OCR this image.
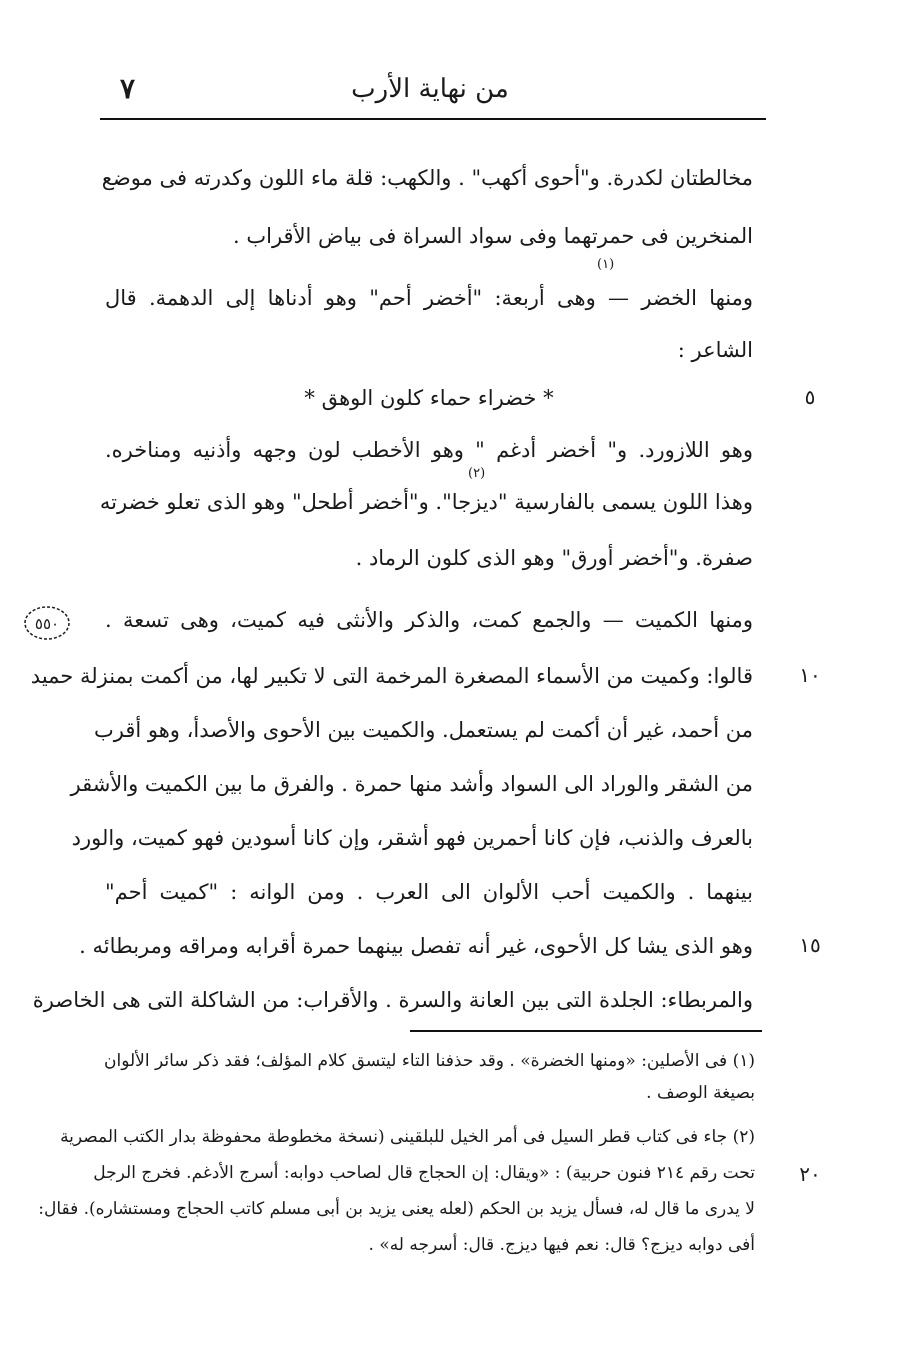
من نهاية الأرب
٧
مخالطتان لكدرة. و"أحوى أكهب" . والكهب: قلة ماء اللون وكدرته فى موضع
المنخرين فى حمرتهما وفى سواد السراة فى بياض الأقراب .
(١)
ومنها الخضر — وهى أربعة: "أخضر أحم" وهو أدناها إلى الدهمة. قال
الشاعر :
* خضراء حماء كلون الوهق *
وهو اللازورد. و" أخضر أدغم " وهو الأخطب لون وجهه وأذنيه ومناخره.
(٢)
وهذا اللون يسمى بالفارسية "ديزجا". و"أخضر أطحل" وهو الذى تعلو خضرته
صفرة. و"أخضر أورق" وهو الذى كلون الرماد .
ومنها الكميت — والجمع كمت، والذكر والأنثى فيه كميت، وهى تسعة .
قالوا: وكميت من الأسماء المصغرة المرخمة التى لا تكبير لها، من أكمت بمنزلة حميد
من أحمد، غير أن أكمت لم يستعمل. والكميت بين الأحوى والأصدأ، وهو أقرب
من الشقر والوراد الى السواد وأشد منها حمرة . والفرق ما بين الكميت والأشقر
بالعرف والذنب، فإن كانا أحمرين فهو أشقر، وإن كانا أسودين فهو كميت، والورد
بينهما . والكميت أحب الألوان الى العرب . ومن الوانه : "كميت أحم"
وهو الذى يشا كل الأحوى، غير أنه تفصل بينهما حمرة أقرابه ومراقه ومربطائه .
والمربطاء: الجلدة التى بين العانة والسرة . والأقراب: من الشاكلة التى هى الخاصرة
٥
١٠
١٥
٢٠
٥٥٠
(١) فى الأصلين: «ومنها الخضرة» . وقد حذفنا التاء ليتسق كلام المؤلف؛ فقد ذكر سائر الألوان
بصيغة الوصف .
(٢) جاء فى كتاب قطر السيل فى أمر الخيل للبلقينى (نسخة مخطوطة محفوظة بدار الكتب المصرية
تحت رقم ٢١٤ فنون حربية) : «ويقال: إن الحجاج قال لصاحب دوابه: أسرج الأدغم. فخرج الرجل
لا يدرى ما قال له، فسأل يزيد بن الحكم (لعله يعنى يزيد بن أبى مسلم كاتب الحجاج ومستشاره). فقال:
أفى دوابه ديزج؟ قال: نعم فيها ديزج. قال: أسرجه له» .
